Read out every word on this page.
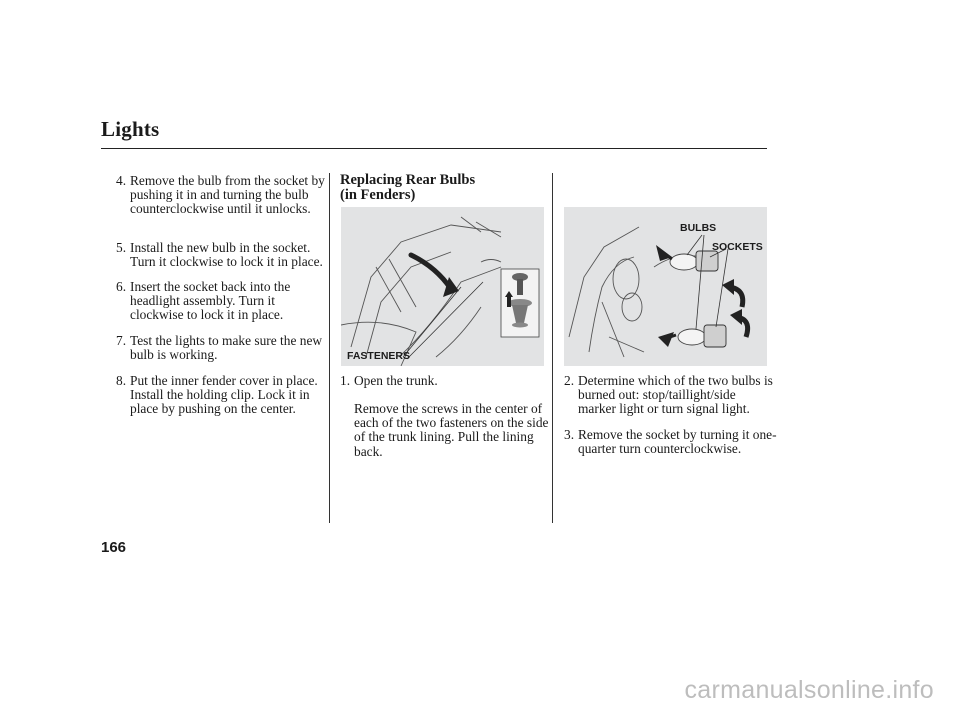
Lights
4. Remove the bulb from the socket by pushing it in and turning the bulb counterclockwise until it unlocks.
5. Install the new bulb in the socket. Turn it clockwise to lock it in place.
6. Insert the socket back into the headlight assembly. Turn it clockwise to lock it in place.
7. Test the lights to make sure the new bulb is working.
8. Put the inner fender cover in place. Install the holding clip. Lock it in place by pushing on the center.
Replacing Rear Bulbs
(in Fenders)
FASTENERS
1. Open the trunk.
Remove the screws in the center of each of the two fasteners on the side of the trunk lining. Pull the lining back.
BULBS
SOCKETS
2. Determine which of the two bulbs is burned out: stop/taillight/side marker light or turn signal light.
3. Remove the socket by turning it one-quarter turn counterclockwise.
166
carmanualsonline.info
